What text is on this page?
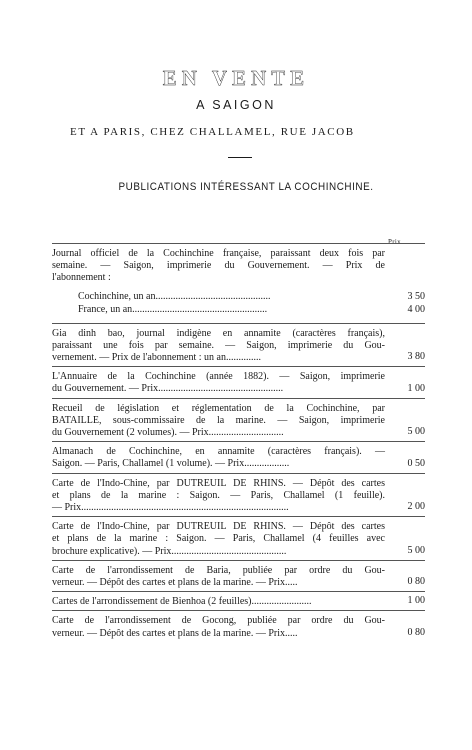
EN VENTE
A SAIGON
ET A PARIS, CHEZ CHALLAMEL, RUE JACOB
PUBLICATIONS INTÉRESSANT LA COCHINCHINE.
Prix.
Journal officiel de la Cochinchine française, paraissant deux fois par
semaine. — Saigon, imprimerie du Gouvernement. — Prix de
l'abonnement :
Cochinchine, un an..............................................	3 50
France, un an......................................................	4 00
Gia dinh bao, journal indigène en annamite (caractères français),
paraissant une fois par semaine. — Saigon, imprimerie du Gou-
vernement. — Prix de l'abonnement : un an..............	3 80
L'Annuaire de la Cochinchine (année 1882). — Saigon, imprimerie
du Gouvernement. — Prix..................................................	1 00
Recueil de législation et réglementation de la Cochinchine, par
BATAILLE, sous-commissaire de la marine. — Saigon, imprimerie
du Gouvernement (2 volumes). — Prix..............................	5 00
Almanach de Cochinchine, en annamite (caractères français). —
Saigon. — Paris, Challamel (1 volume). — Prix..................	0 50
Carte de l'Indo-Chine, par DUTREUIL DE RHINS. — Dépôt des cartes
et plans de la marine : Saigon. — Paris, Challamel (1 feuille).
— Prix...................................................................................	2 00
Carte de l'Indo-Chine, par DUTREUIL DE RHINS. — Dépôt des cartes
et plans de la marine : Saigon. — Paris, Challamel (4 feuilles avec
brochure explicative). — Prix..............................................	5 00
Carte de l'arrondissement de Baria, publiée par ordre du Gou-
verneur. — Dépôt des cartes et plans de la marine. — Prix.....	0 80
Cartes de l'arrondissement de Bienhoa (2 feuilles)........................	1 00
Carte de l'arrondissement de Gocong, publiée par ordre du Gou-
verneur. — Dépôt des cartes et plans de la marine. — Prix.....	0 80
